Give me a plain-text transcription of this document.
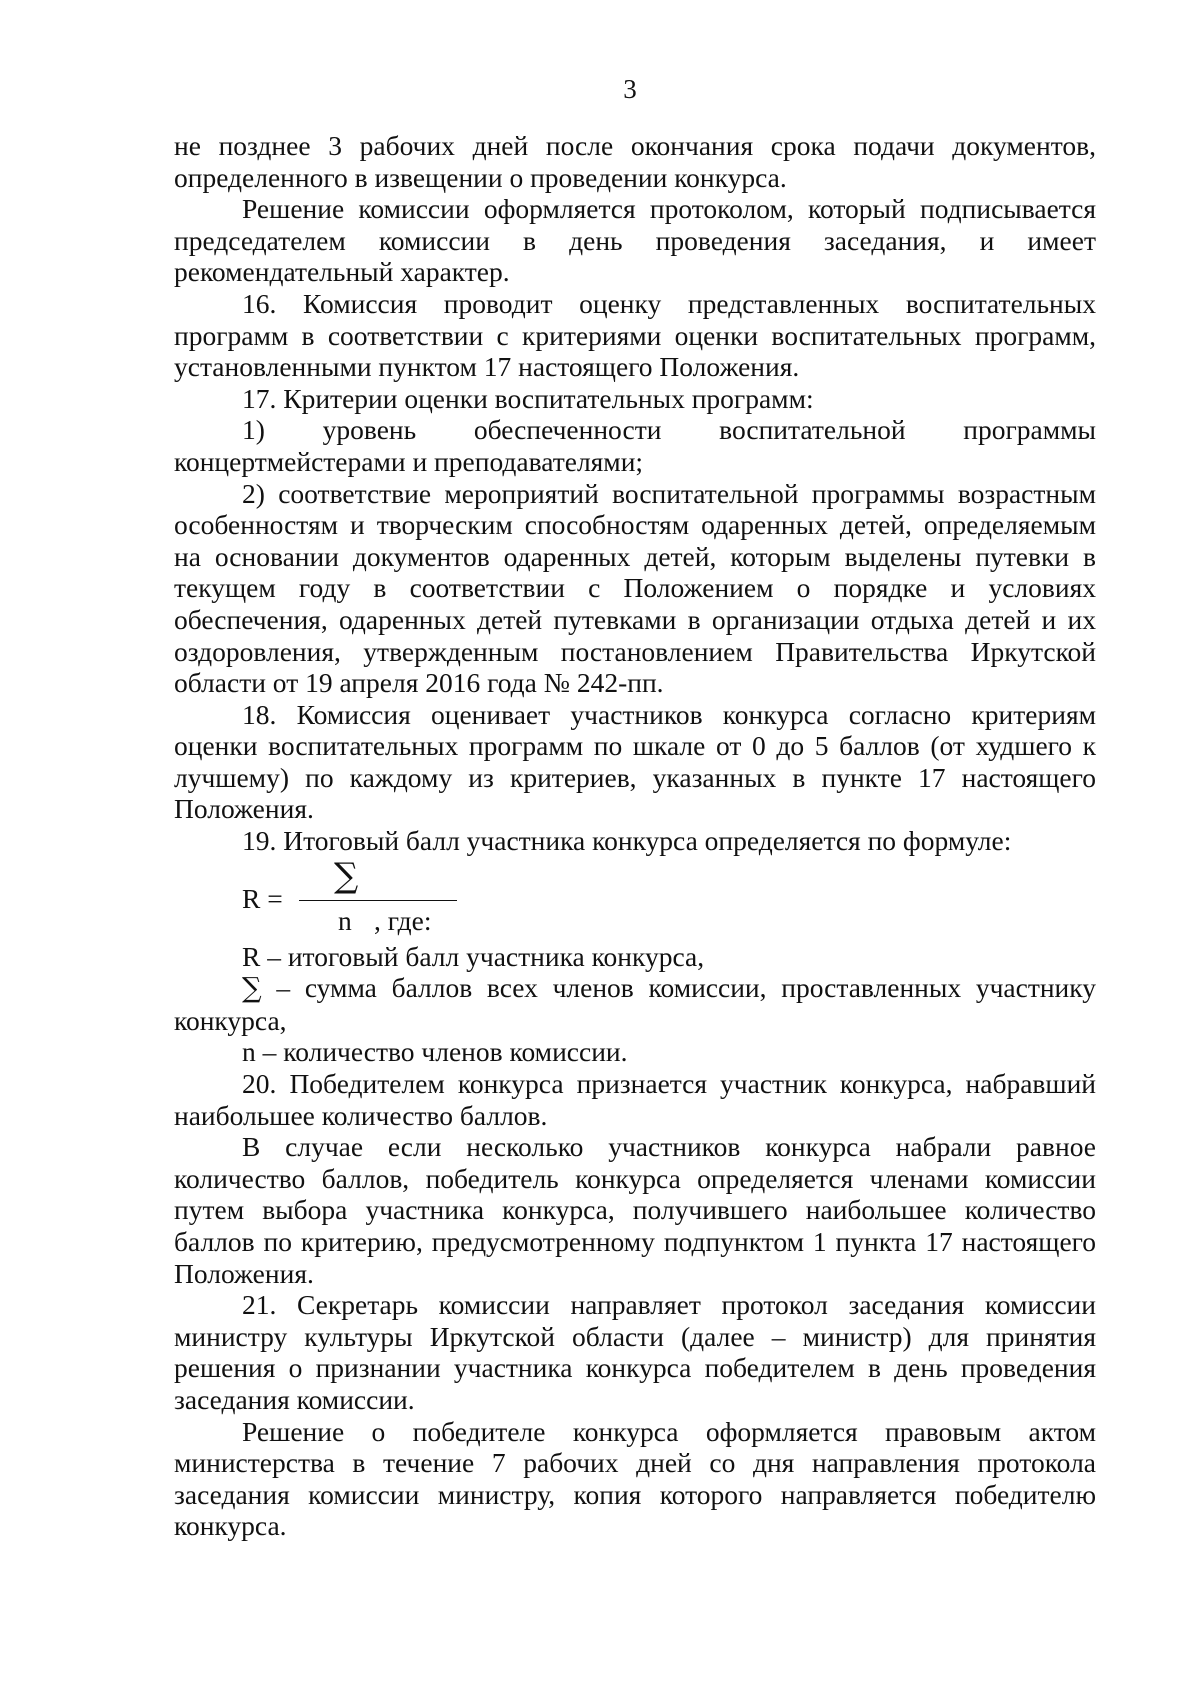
3

не позднее 3 рабочих дней после окончания срока подачи документов, определенного в извещении о проведении конкурса.

Решение комиссии оформляется протоколом, который подписывается председателем комиссии в день проведения заседания, и имеет рекомендательный характер.

16. Комиссия проводит оценку представленных воспитательных программ в соответствии с критериями оценки воспитательных программ, установленными пунктом 17 настоящего Положения.

17. Критерии оценки воспитательных программ:

1) уровень обеспеченности воспитательной программы концертмейстерами и преподавателями;

2) соответствие мероприятий воспитательной программы возрастным особенностям и творческим способностям одаренных детей, определяемым на основании документов одаренных детей, которым выделены путевки в текущем году в соответствии с Положением о порядке и условиях обеспечения, одаренных детей путевками в организации отдыха детей и их оздоровления, утвержденным постановлением Правительства Иркутской области от 19 апреля 2016 года № 242-пп.

18. Комиссия оценивает участников конкурса согласно критериям оценки воспитательных программ по шкале от 0 до 5 баллов (от худшего к лучшему) по каждому из критериев, указанных в пункте 17 настоящего Положения.

19. Итоговый балл участника конкурса определяется по формуле:

R =
∑
n , где:

R – итоговый балл участника конкурса,

∑ – сумма баллов всех членов комиссии, проставленных участнику конкурса,

n – количество членов комиссии.

20. Победителем конкурса признается участник конкурса, набравший наибольшее количество баллов.

В случае если несколько участников конкурса набрали равное количество баллов, победитель конкурса определяется членами комиссии путем выбора участника конкурса, получившего наибольшее количество баллов по критерию, предусмотренному подпунктом 1 пункта 17 настоящего Положения.

21. Секретарь комиссии направляет протокол заседания комиссии министру культуры Иркутской области (далее – министр) для принятия решения о признании участника конкурса победителем в день проведения заседания комиссии.

Решение о победителе конкурса оформляется правовым актом министерства в течение 7 рабочих дней со дня направления протокола заседания комиссии министру, копия которого направляется победителю конкурса.
